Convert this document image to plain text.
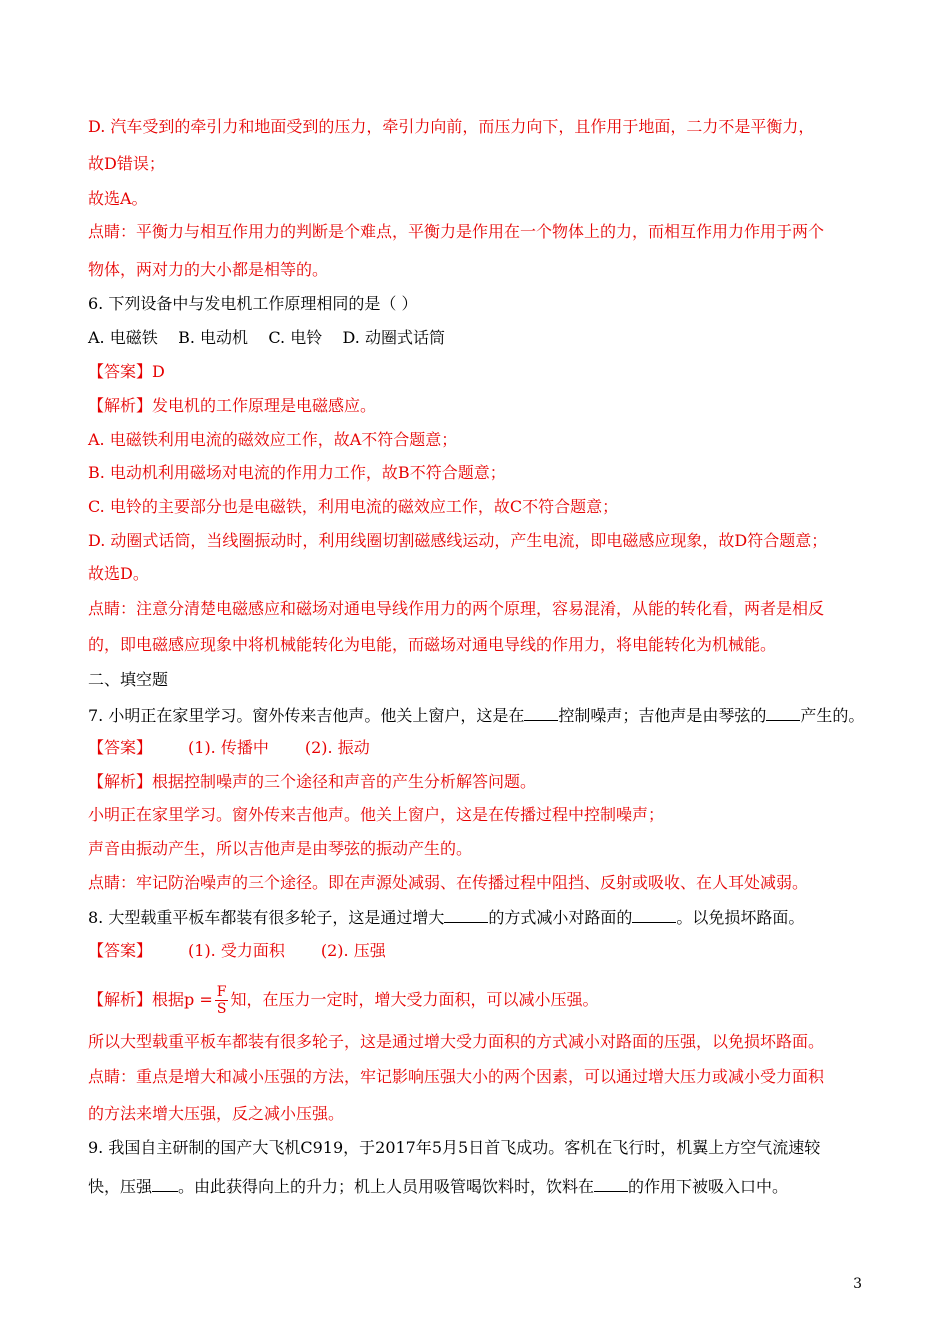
D. 汽车受到的牵引力和地面受到的压力，牵引力向前，而压力向下，且作用于地面，二力不是平衡力，
故D错误；
故选A。
点睛：平衡力与相互作用力的判断是个难点，平衡力是作用在一个物体上的力，而相互作用力作用于两个
物体，两对力的大小都是相等的。
6. 下列设备中与发电机工作原理相同的是（ ）
A. 电磁铁    B. 电动机    C. 电铃    D. 动圈式话筒
【答案】D
【解析】发电机的工作原理是电磁感应。
A. 电磁铁利用电流的磁效应工作，故A不符合题意；
B. 电动机利用磁场对电流的作用力工作，故B不符合题意；
C. 电铃的主要部分也是电磁铁，利用电流的磁效应工作，故C不符合题意；
D. 动圈式话筒，当线圈振动时，利用线圈切割磁感线运动，产生电流，即电磁感应现象，故D符合题意；
故选D。
点睛：注意分清楚电磁感应和磁场对通电导线作用力的两个原理，容易混淆，从能的转化看，两者是相反
的，即电磁感应现象中将机械能转化为电能，而磁场对通电导线的作用力，将电能转化为机械能。
二、填空题
7. 小明正在家里学习。窗外传来吉他声。他关上窗户，这是在 控制噪声；吉他声是由琴弦的 产生的。
【答案】 (1). 传播中 (2). 振动
【解析】根据控制噪声的三个途径和声音的产生分析解答问题。
小明正在家里学习。窗外传来吉他声。他关上窗户，这是在传播过程中控制噪声；
声音由振动产生，所以吉他声是由琴弦的振动产生的。
点睛：牢记防治噪声的三个途径。即在声源处减弱、在传播过程中阻挡、反射或吸收、在人耳处减弱。
8. 大型载重平板车都装有很多轮子，这是通过增大	的方式减小对路面的	。以免损坏路面。
【答案】 (1). 受力面积 (2). 压强
【解析】根据$p = \frac{F}{S}$ 知，在压力一定时，增大受力面积，可以减小压强。
所以大型载重平板车都装有很多轮子，这是通过增大受力面积的方式减小对路面的压强，以免损坏路面。
点睛：重点是增大和减小压强的方法，牢记影响压强大小的两个因素，可以通过增大压力或减小受力面积
的方法来增大压强，反之减小压强。
9. 我国自主研制的国产大飞机C919，于2017年5月5日首飞成功。客机在飞行时，机翼上方空气流速较
快，压强 。由此获得向上的升力；机上人员用吸管喝饮料时，饮料在 的作用下被吸入口中。
3
